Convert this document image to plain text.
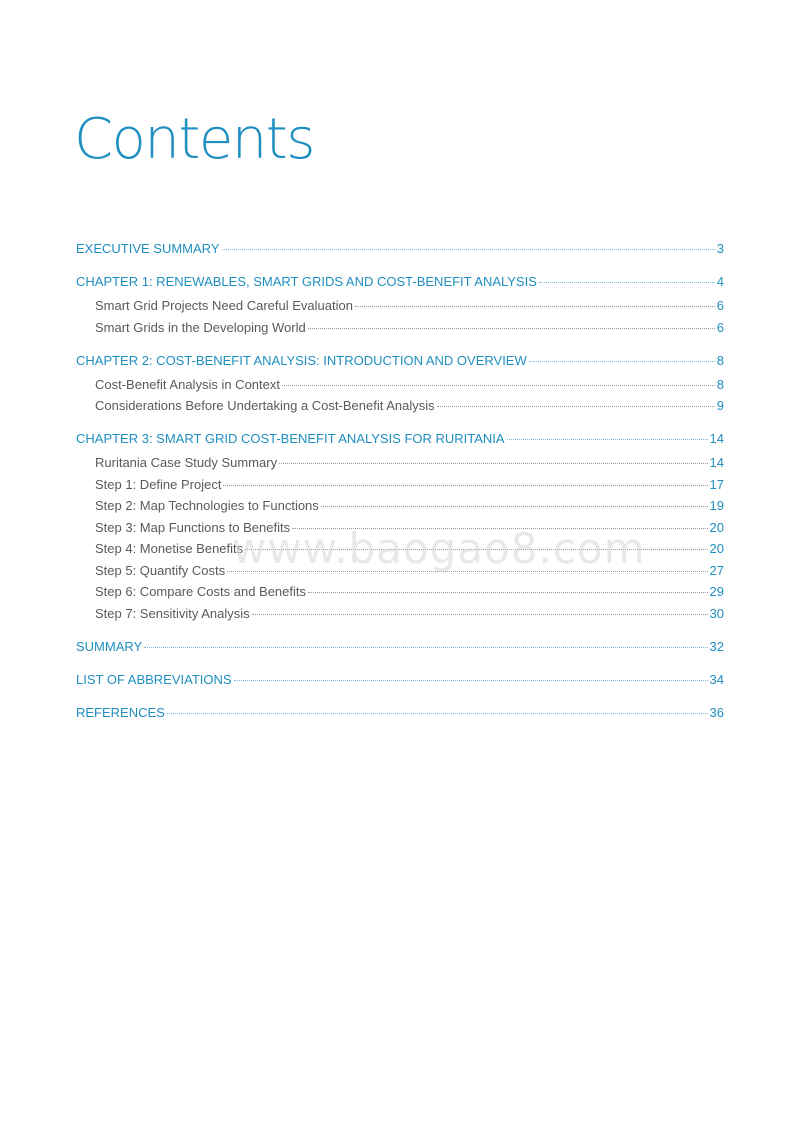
Contents
EXECUTIVE SUMMARY	3
CHAPTER 1: RENEWABLES, SMART GRIDS AND COST-BENEFIT ANALYSIS	4
Smart Grid Projects Need Careful Evaluation	6
Smart Grids in the Developing World	6
CHAPTER 2: COST-BENEFIT ANALYSIS: INTRODUCTION AND OVERVIEW	8
Cost-Benefit Analysis in Context	8
Considerations Before Undertaking a Cost-Benefit Analysis	9
CHAPTER 3: SMART GRID COST-BENEFIT ANALYSIS FOR RURITANIA	14
Ruritania Case Study Summary	14
Step 1: Define Project	17
Step 2: Map Technologies to Functions	19
Step 3: Map Functions to Benefits	20
Step 4: Monetise Benefits	20
Step 5: Quantify Costs	27
Step 6: Compare Costs and Benefits	29
Step 7: Sensitivity Analysis	30
SUMMARY	32
LIST OF ABBREVIATIONS	34
REFERENCES	36
www.baogao8.com
